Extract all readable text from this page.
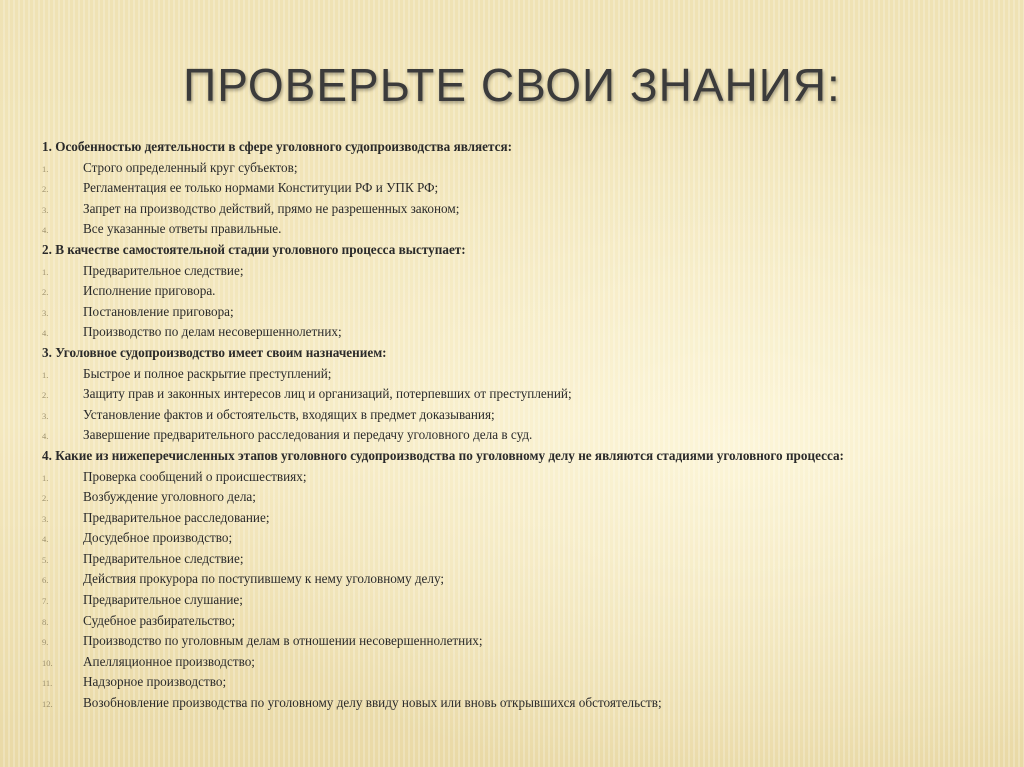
ПРОВЕРЬТЕ СВОИ ЗНАНИЯ:
1. Особенностью деятельности в сфере уголовного судопроизводства является:
1.	Строго определенный круг субъектов;
2.	Регламентация ее только нормами Конституции РФ и УПК РФ;
3.	Запрет на производство действий, прямо не разрешенных законом;
4.	Все указанные ответы правильные.
2. В качестве самостоятельной стадии уголовного процесса выступает:
1.	Предварительное следствие;
2.	Исполнение приговора.
3.	Постановление приговора;
4.	Производство по делам несовершеннолетних;
3. Уголовное судопроизводство имеет своим назначением:
1.	Быстрое и полное раскрытие преступлений;
2.	Защиту прав и законных интересов лиц и организаций, потерпевших от преступлений;
3.	Установление фактов и обстоятельств, входящих в предмет доказывания;
4.	Завершение предварительного расследования и передачу уголовного дела в суд.
4. Какие из нижеперечисленных этапов уголовного судопроизводства по уголовному делу не являются стадиями уголовного процесса:
1.	Проверка сообщений о происшествиях;
2.	Возбуждение уголовного дела;
3.	Предварительное расследование;
4.	Досудебное производство;
5.	Предварительное следствие;
6.	Действия прокурора по поступившему к нему уголовному делу;
7.	Предварительное слушание;
8.	Судебное разбирательство;
9.	Производство по уголовным делам в отношении несовершеннолетних;
10. Апелляционное производство;
11. Надзорное производство;
12. Возобновление производства по уголовному делу ввиду новых или вновь открывшихся обстоятельств;
